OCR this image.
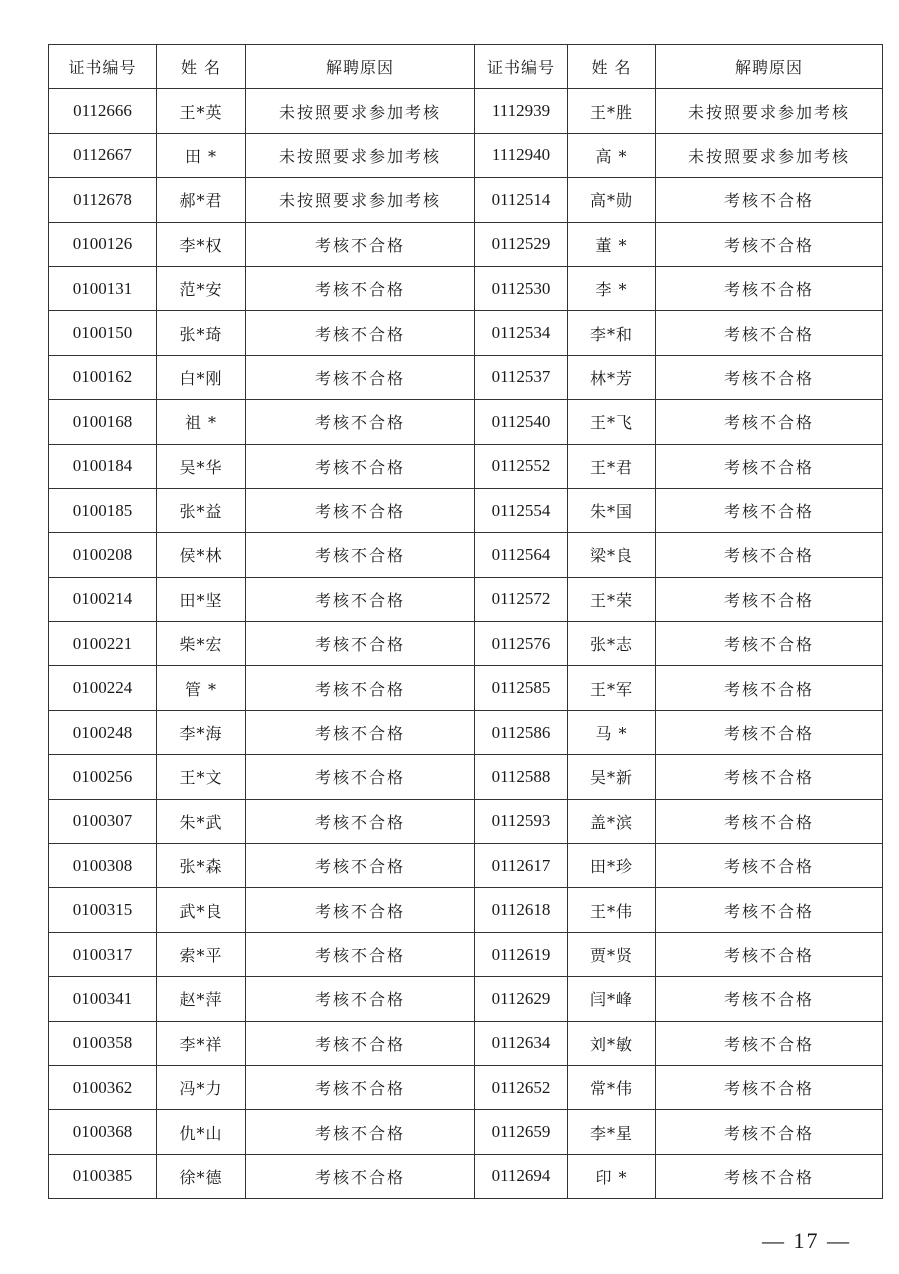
证书编号	姓 名	解聘原因	证书编号	姓 名	解聘原因
0112666	王*英	未按照要求参加考核	1112939	王*胜	未按照要求参加考核
0112667	田 *	未按照要求参加考核	1112940	高 *	未按照要求参加考核
0112678	郝*君	未按照要求参加考核	0112514	高*勋	考核不合格
0100126	李*权	考核不合格	0112529	董 *	考核不合格
0100131	范*安	考核不合格	0112530	李 *	考核不合格
0100150	张*琦	考核不合格	0112534	李*和	考核不合格
0100162	白*刚	考核不合格	0112537	林*芳	考核不合格
0100168	祖 *	考核不合格	0112540	王*飞	考核不合格
0100184	吴*华	考核不合格	0112552	王*君	考核不合格
0100185	张*益	考核不合格	0112554	朱*国	考核不合格
0100208	侯*林	考核不合格	0112564	梁*良	考核不合格
0100214	田*坚	考核不合格	0112572	王*荣	考核不合格
0100221	柴*宏	考核不合格	0112576	张*志	考核不合格
0100224	管 *	考核不合格	0112585	王*军	考核不合格
0100248	李*海	考核不合格	0112586	马 *	考核不合格
0100256	王*文	考核不合格	0112588	吴*新	考核不合格
0100307	朱*武	考核不合格	0112593	盖*滨	考核不合格
0100308	张*森	考核不合格	0112617	田*珍	考核不合格
0100315	武*良	考核不合格	0112618	王*伟	考核不合格
0100317	索*平	考核不合格	0112619	贾*贤	考核不合格
0100341	赵*萍	考核不合格	0112629	闫*峰	考核不合格
0100358	李*祥	考核不合格	0112634	刘*敏	考核不合格
0100362	冯*力	考核不合格	0112652	常*伟	考核不合格
0100368	仇*山	考核不合格	0112659	李*星	考核不合格
0100385	徐*德	考核不合格	0112694	印 *	考核不合格
— 17 —
